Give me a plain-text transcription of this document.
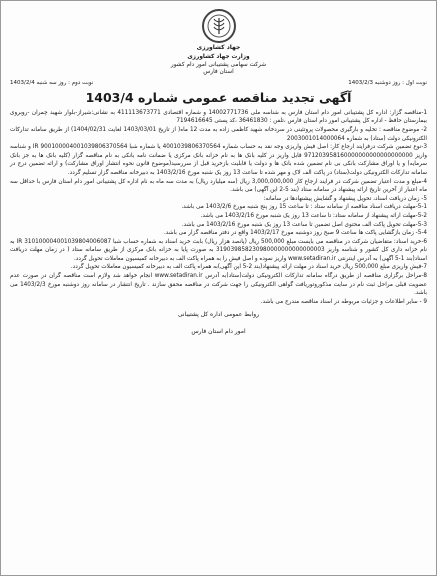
جهاد کشاورزی
وزارت جهاد کشاورزی
شرکت سهامی پشتیبانی امور دام کشور
استان فارس
نوبت اول : روز دوشنبه 1403/2/3
نوبت دوم : روز سه شنبه 1403/2/4
آگهی تجدید مناقصه عمومی شماره 1403/4

1-مناقصه گزار: اداره کل پشتیبانی امور دام استان فارس به شناسه ملی 14002771736 و شماره اقتصادی 411113673771 به نشانی:شیراز-بلوار شهید چمران -روبروی بیمارستان حافظ - اداره کل پشتیبانی امور دام استان فارس ،تلفن : 36461830 ،کد پستی 7194616645

2- موضوع مناقصه : تخلیه و بارگیری محصولات پروتئینی در سردخانه شهید کاظمی زاده به مدت 12 ماه( از تاریخ 1403/03/01 لغایت 1404/02/31) از طریق سامانه تدارکات الکترونیکی دولت (ستاد) به شماره 2003001014000064

3-نوع تضمین شرکت درفرایند ارجاع کار: اصل فیش واریزی وجه نقد به حساب شماره 4001039806370564 یا شماره شبا IR 900100004001039806370564 و شناسه واریز 971203958160000000000000000000 قابل واریز در کلیه بانک ها به نام خزانه بانک مرکزی یا ضمانت نامه بانکی به نام مناقصه گزار (کلیه بانک ها به جز بانک سرمایه) و یا اوراق مشارکت بانکی بی نام تضمین شده بانک ها و دولت یا قابلیت بازخرید قبل از سررسید(موضوع قانون نحوه انتشار اوراق مشارکت) و ارائه تضمین درج در سامانه تدارکات الکترونیکی دولت(ستاد) در پاکت الف لاک و مهر شده تا ساعت 13 روز یک شنبه مورخ 1403/2/16 به دبیرخانه مناقصه گزار تسلیم گردد.

4-مبلغ و مدت اعتبار تضمین شرکت در فرایند ارجاع کار 3,000,000,000 ریال (سه میلیارد ریال) به مدت سه ماه به نام اداره کل پشتیبانی امور دام استان فارس با حداقل سه ماه اعتبار از آخرین تاریخ ارائه پیشنهاد در سامانه ستاد (بند 5-2 این آگهی) می باشد.

5- زمان دریافت اسناد، تحویل پیشنهاد و گشایش پیشنهادها در سامانه:

5-1-مهلت دریافت اسناد مناقصه از سامانه ستاد : تا ساعت 15 روز پنج شنبه مورخ 1403/2/6 می باشد.

5-2-مهلت ارائه پیشنهاد از سامانه ستاد: تا ساعت 13 روز یک شنبه مورخ 1403/2/16 می باشد.

5-3-مهلت تحویل پاکت الف محتوی اصل تضمین تا ساعت 13 روز یک شنبه مورخ 1403/2/16 می باشد.

5-4- زمان بازگشایی پاکت ها ساعت 9 صبح روز دوشنبه مورخ 1403/2/17 واقع در دفتر مناقصه گزار می باشد.

6-خرید اسناد: متقاضیان شرکت در مناقصه می بایست مبلغ 500,000 ریال (پانصد هزار ریال) بابت خرید اسناد به شماره حساب شبا IR 310100004001039804006087 به نام خزانه داری کل کشور و شناسه واریز 319039858230980000000000000003 به صورت پایا به خزانه بانک مرکزی از طریق سامانه ستاد ( در زمان مهلت دریافت اسناد(بند 1-5 آگهی) به آدرس اینترنتی www.setadiran.ir واریز نموده و اصل فیش را به همراه پاکت الف به دبیرخانه کمیسیون معاملات تحویل گردد.

7-فیش واریزی مبلغ 500,000 ریال خرید اسناد در مهلت ارائه پیشنهاد(بند 2-5 این آگهی)به همراه پاکت الف به دبیرخانه کمیسیون معاملات تحویل گردد.

8-مراحل برگزاری مناقصه از طریق درگاه سامانه تدارکات الکترونیکی دولت(ستاد)به آدرس www.setadiran.ir انجام خواهد شد ولازم است مناقصه گران در صورت عدم عضویت قبلی مراحل ثبت نام در سایت مذکوروتوریافت گواهی الکترونیکی را جهت شرکت در مناقصه محقق سازند . تاریخ انتشار در سامانه روز دوشنبه مورخ 1403/2/3 می باشد.

9 - سایر اطلاعات و جزئیات مربوطه در اسناد مناقصه مندرج می باشد.

روابط عمومی اداره کل پشتیبانی
امور دام استان فارس
